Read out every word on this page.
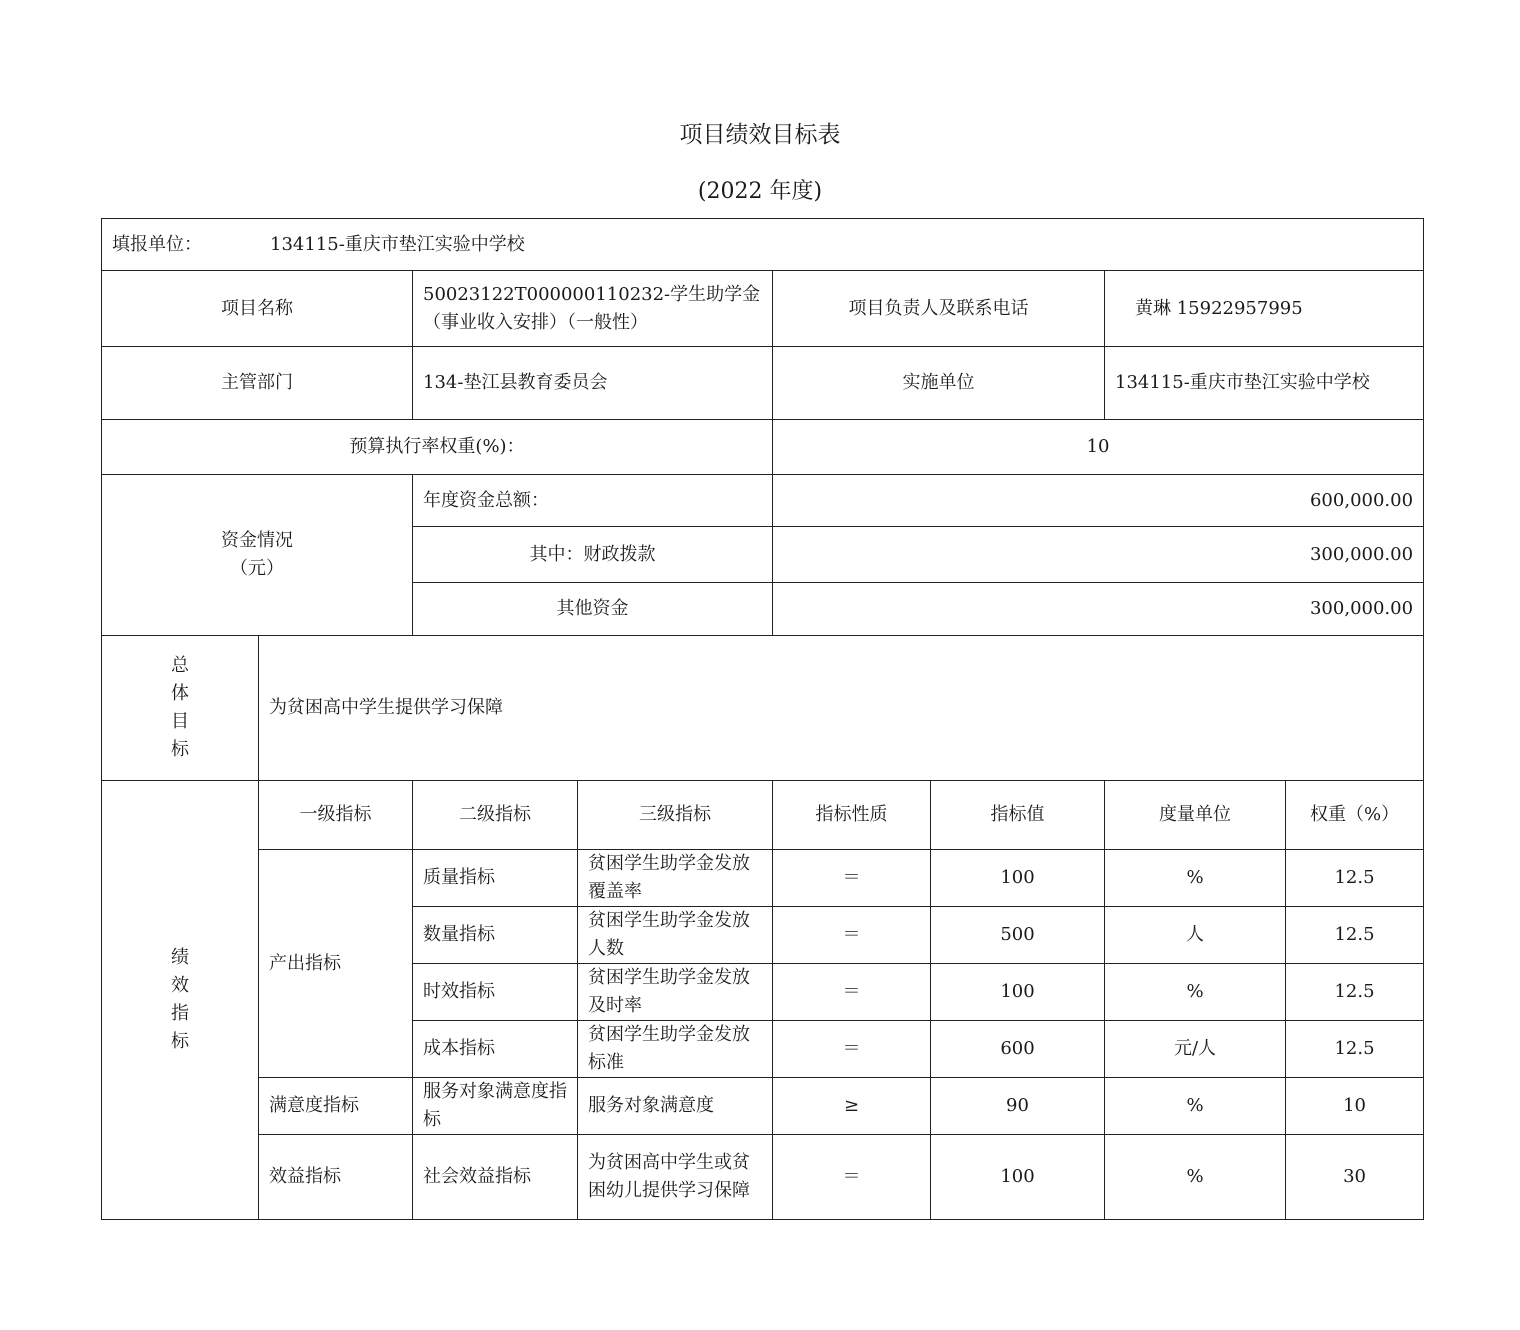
项目绩效目标表
(2022 年度)
填报单位： 134115-重庆市垫江实验中学校							
项目名称		50023122T000000110232-学生助学金（事业收入安排）（一般性）		项目负责人及联系电话		黄琳 15922957995	
主管部门		134-垫江县教育委员会		实施单位		134115-重庆市垫江实验中学校	
预算执行率权重(%)：				10			

资金情况
（元）		年度资金总额：		600,000.00			
		其中：财政拨款		300,000.00			
		其他资金		300,000.00			

总
体
目
标	为贫困高中学生提供学习保障						

绩
效
指
标	一级指标	二级指标	三级指标	指标性质	指标值	度量单位	权重（%）
	产出指标	质量指标	贫困学生助学金发放覆盖率	＝	100	%	12.5
		数量指标	贫困学生助学金发放人数	＝	500	人	12.5
		时效指标	贫困学生助学金发放及时率	＝	100	%	12.5
		成本指标	贫困学生助学金发放标准	＝	600	元/人	12.5
	满意度指标	服务对象满意度指标	服务对象满意度	≥	90	%	10
	效益指标	社会效益指标	为贫困高中学生或贫困幼儿提供学习保障	＝	100	%	30
